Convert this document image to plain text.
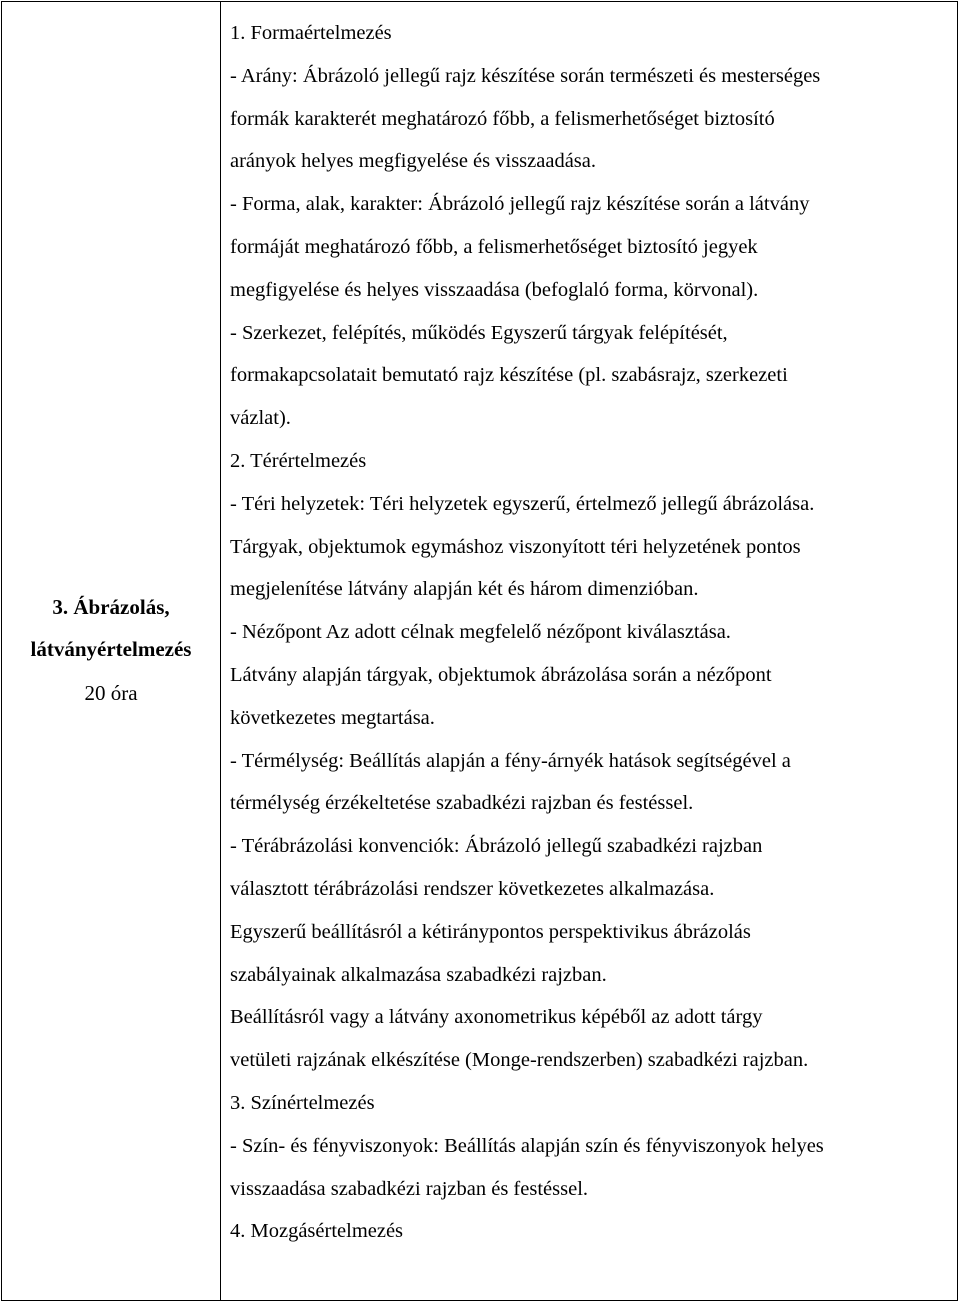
3. Ábrázolás,
látványértelmezés
20 óra

1. Formaértelmezés
- Arány: Ábrázoló jellegű rajz készítése során természeti és mesterséges
formák karakterét meghatározó főbb, a felismerhetőséget biztosító
arányok helyes megfigyelése és visszaadása.
- Forma, alak, karakter: Ábrázoló jellegű rajz készítése során a látvány
formáját meghatározó főbb, a felismerhetőséget biztosító jegyek
megfigyelése és helyes visszaadása (befoglaló forma, körvonal).
- Szerkezet, felépítés, működés Egyszerű tárgyak felépítését,
formakapcsolatait bemutató rajz készítése (pl. szabásrajz, szerkezeti
vázlat).
2. Térértelmezés
- Téri helyzetek: Téri helyzetek egyszerű, értelmező jellegű ábrázolása.
Tárgyak, objektumok egymáshoz viszonyított téri helyzetének pontos
megjelenítése látvány alapján két és három dimenzióban.
- Nézőpont Az adott célnak megfelelő nézőpont kiválasztása.
Látvány alapján tárgyak, objektumok ábrázolása során a nézőpont
következetes megtartása.
- Térmélység: Beállítás alapján a fény-árnyék hatások segítségével a
térmélység érzékeltetése szabadkézi rajzban és festéssel.
- Térábrázolási konvenciók: Ábrázoló jellegű szabadkézi rajzban
választott térábrázolási rendszer következetes alkalmazása.
Egyszerű beállításról a kétiránypontos perspektivikus ábrázolás
szabályainak alkalmazása szabadkézi rajzban.
Beállításról vagy a látvány axonometrikus képéből az adott tárgy
vetületi rajzának elkészítése (Monge-rendszerben) szabadkézi rajzban.
3. Színértelmezés
- Szín- és fényviszonyok: Beállítás alapján szín és fényviszonyok helyes
visszaadása szabadkézi rajzban és festéssel.
4. Mozgásértelmezés
